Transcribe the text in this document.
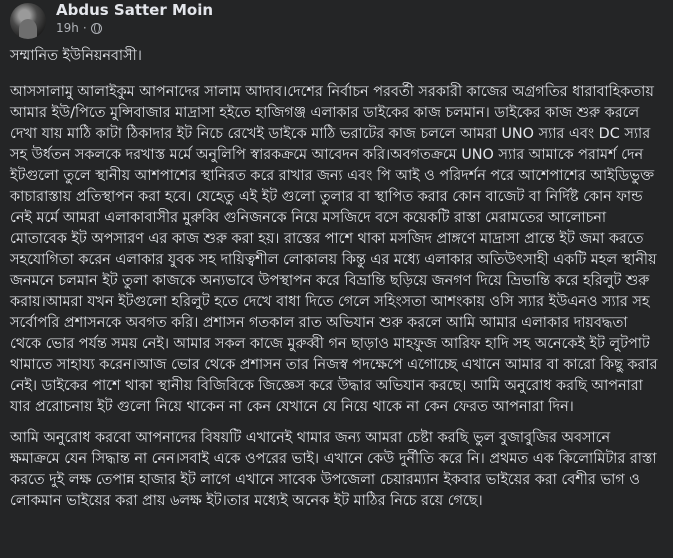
Abdus Satter Moin
19h ·

সম্মানিত ইউনিয়নবাসী।

আসসালামু আলাইকুম আপনাদের সালাম আদাব।দেশের নির্বাচন পরবর্তী সরকারী কাজের অগ্রগতির ধারাবাহিকতায় আমার ইউ/পিতে মুন্সিবাজার মাদ্রাসা হইতে হাজিগঞ্জ এলাকার ডাইকের কাজ চলমান। ডাইকের কাজ শুরু করলে দেখা যায় মাঠি কাটা ঠিকাদার ইট নিচে রেখেই ডাইকে মাঠি ভরাটের কাজ চললে আমরা UNO স্যার এবং DC স্যার সহ উর্ধতন সকলকে দরখাস্ত মর্মে অনুলিপি স্বারকক্রমে আবেদন করি।অবগতক্রমে UNO স্যার আমাকে পরামর্শ দেন ইটগুলো তুলে স্থানীয় আশপাশের স্থানিরত করে রাখার জন্য এবং পি আই ও পরিদর্শন পরে আশেপাশের আইডিভুক্ত কাচারাস্তায় প্রতিস্থাপন করা হবে। যেহেতু এই ইট গুলো তুলার বা স্থাপিত করার কোন বাজেট বা নির্দিষ্ট কোন ফান্ড নেই মর্মে আমরা এলাকাবাসীর মুরুব্বি গুনিজনকে নিয়ে মসজিদে বসে কয়েকটি রাস্তা মেরামতের আলোচনা মোতাবেক ইট অপসারণ এর কাজ শুরু করা হয়। রাস্তের পাশে থাকা মসজিদ প্রাঙ্গণে মাদ্রাসা প্রান্তে ইট জমা করতে সহযোগিতা করেন এলাকার যুবক সহ দায়িত্বশীল লোকালয় কিন্তু এর মধ্যে এলাকার অতিউৎসাহী একটি মহল স্থানীয় জনমনে চলমান ইট তুলা কাজকে অন্যভাবে উপস্থাপন করে বিভ্রান্তি ছড়িয়ে জনগণ দিয়ে ভ্রিভান্তি করে হরিলুট শুরু করায়।আমরা যখন ইটগুলো হরিলুট হতে দেখে বাধা দিতে গেলে সহিংসতা আশংকায় ওসি স্যার ইউএনও স্যার সহ সর্বোপরি প্রশাসনকে অবগত করি। প্রশাসন গতকাল রাত অভিযান শুরু করলে আমি আমার এলাকার দায়বদ্ধতা থেকে ভোর পর্যন্ত সময় নেই। আমার সকল কাজে মুরুব্বী গন ছাড়াও মাহফুজ আরিফ হাদি সহ অনেকেই ইট লুটপাট থামাতে সাহায্য করেন।আজ ভোর থেকে প্রশাসন তার নিজস্ব পদক্ষেপে এগোচ্ছে এখানে আমার বা কারো কিছু করার নেই। ডাইকের পাশে থাকা স্থানীয় বিজিবিকে জিজ্ঞেস করে উদ্ধার অভিযান করছে। আমি অনুরোধ করছি আপনারা যার প্ররোচনায় ইট গুলো নিয়ে থাকেন না কেন যেখানে যে নিয়ে থাকে না কেন ফেরত আপনারা দিন।

আমি অনুরোধ করবো আপনাদের বিষয়টি এখানেই থামার জন্য আমরা চেষ্টা করছি ভুল বুজাবুজির অবসানে ক্ষমাক্রমে যেন সিদ্ধান্ত না নেন।সবাই একে ওপরের ভাই। এখানে কেউ দুর্নীতি করে নি। প্রথমত এক কিলোমিটার রাস্তা করতে দুই লক্ষ তেপান্ন হাজার ইট লাগে এখানে সাবেক উপজেলা চেয়ারম্যান ইকবার ভাইয়ের করা বেশীর ভাগ ও লোকমান ভাইয়ের করা প্রায় ৬লক্ষ ইট।তার মধ্যেই অনেক ইট মাঠির নিচে রয়ে গেছে।
